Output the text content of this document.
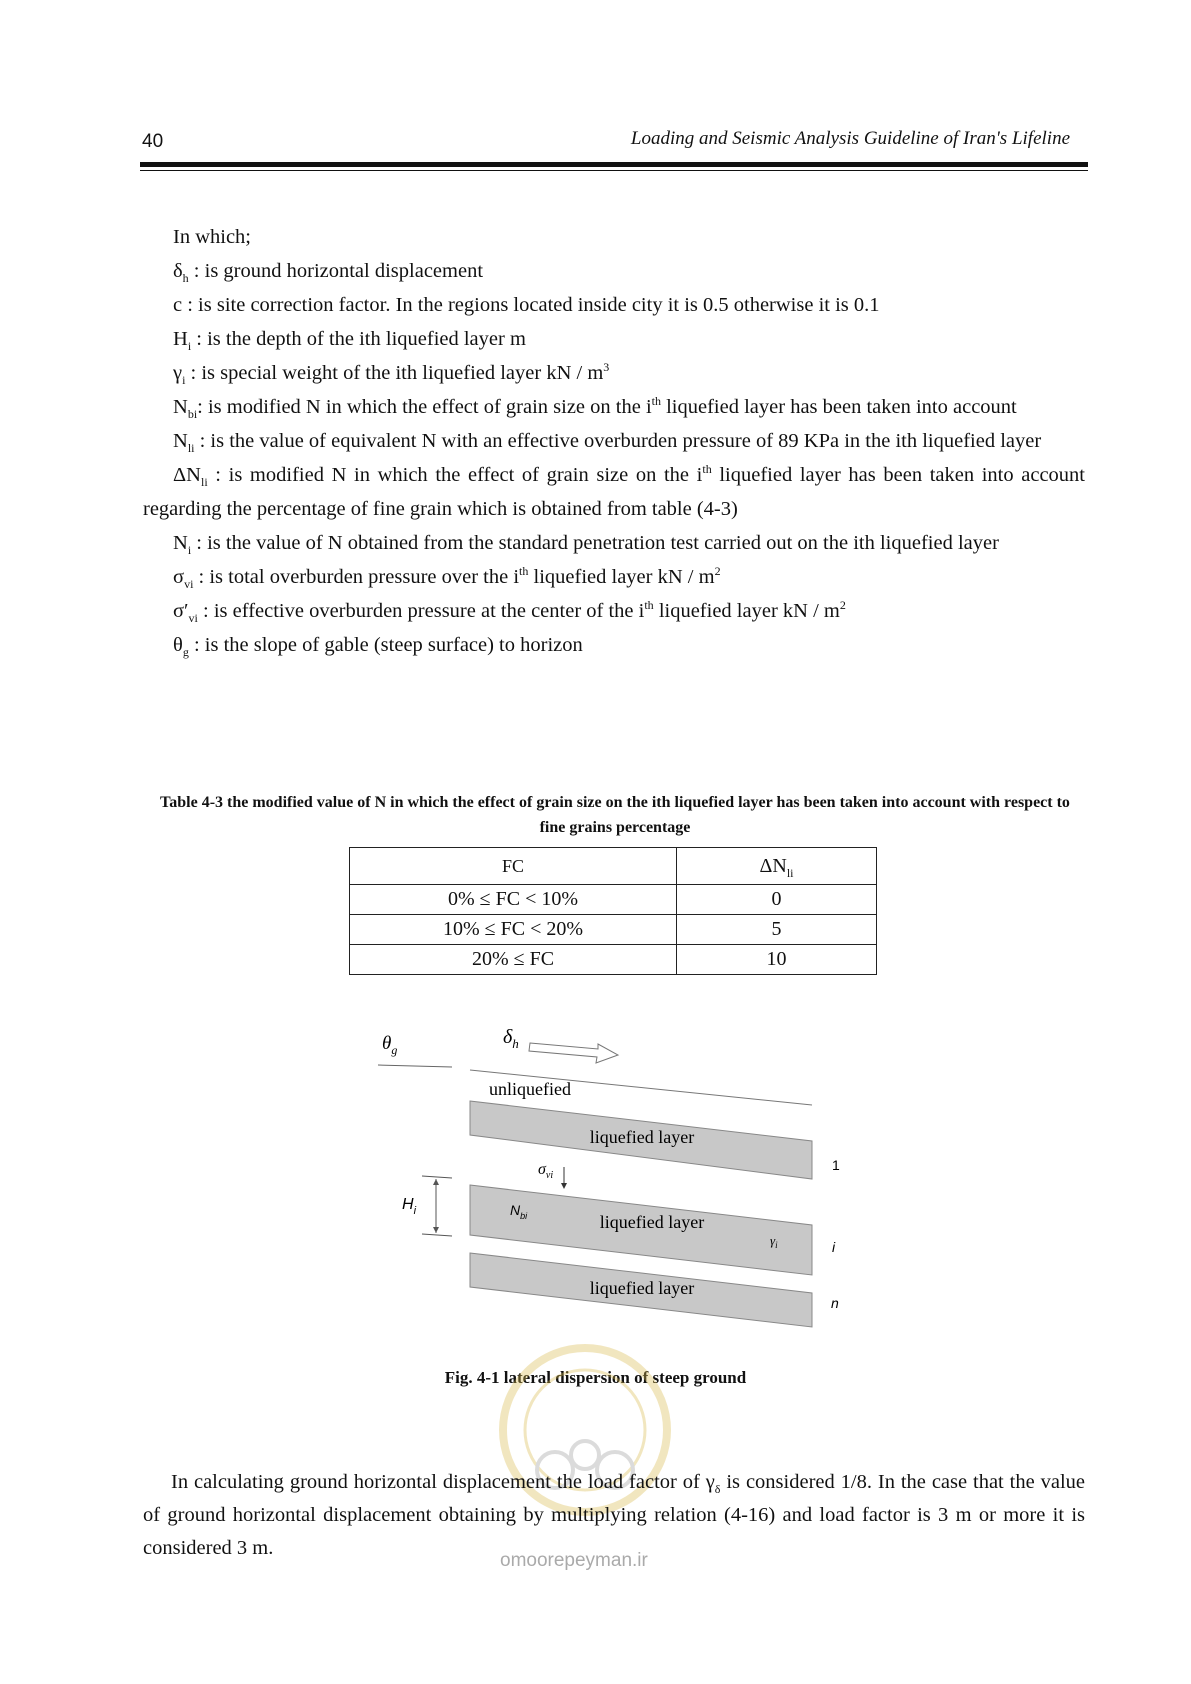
40	Loading and Seismic Analysis Guideline of Iran's Lifeline

In which;

$\delta_h$ : is ground horizontal displacement

c : is site correction factor. In the regions located inside city it is 0.5 otherwise it is 0.1

$H_i$ : is the depth of the ith liquefied layer m

$\gamma_i$ : is special weight of the ith liquefied layer kN / $m^3$

$N_{bi}$: is modified N in which the effect of grain size on the $i^{th}$ liquefied layer has been taken into account

$N_{li}$ : is the value of equivalent N with an effective overburden pressure of 89 KPa in the ith liquefied layer

$\Delta N_{li}$ : is modified N in which the effect of grain size on the $i^{th}$ liquefied layer has been taken into account regarding the percentage of fine grain which is obtained from table (4-3)

$N_i$ : is the value of N obtained from the standard penetration test carried out on the ith liquefied layer

$\sigma_{vi}$ : is total overburden pressure over the $i^{th}$ liquefied layer kN / $m^2$

$\sigma'_{vi}$ : is effective overburden pressure at the center of the $i^{th}$ liquefied layer kN / $m^2$

$\theta_g$ : is the slope of gable (steep surface) to horizon

Table 4-3 the modified value of N in which the effect of grain size on the ith liquefied layer has been taken into account with respect to fine grains percentage
FC	$\Delta N_{li}$
0% ≤ FC < 10%	0
10% ≤ FC < 20%	5
20% ≤ FC	10
$\theta_g$
$\delta_h$
unliquefied
liquefied layer
liquefied layer
liquefied layer
$\sigma_{vi}$
$H_i$	$N_{bi}$
$\gamma_i$
1
i
n
Fig. 4-1 lateral dispersion of steep ground
omoorepeyman.ir

In calculating ground horizontal displacement the load factor of $\gamma_\delta$ is considered 1/8. In the case that the value of ground horizontal displacement obtaining by multiplying relation (4-16) and load factor is 3 m or more it is considered 3 m.
